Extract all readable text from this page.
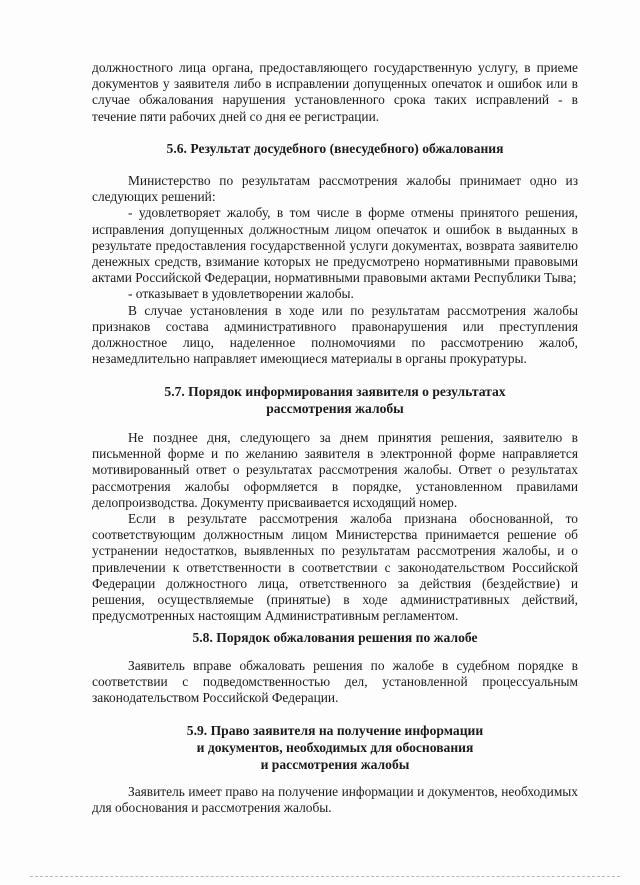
должностного лица органа, предоставляющего государственную услугу, в приеме документов у заявителя либо в исправлении допущенных опечаток и ошибок или в случае обжалования нарушения установленного срока таких исправлений - в течение пяти рабочих дней со дня ее регистрации.

5.6. Результат досудебного (внесудебного) обжалования

Министерство по результатам рассмотрения жалобы принимает одно из следующих решений:

- удовлетворяет жалобу, в том числе в форме отмены принятого решения, исправления допущенных должностным лицом опечаток и ошибок в выданных в результате предоставления государственной услуги документах, возврата заявителю денежных средств, взимание которых не предусмотрено нормативными правовыми актами Российской Федерации, нормативными правовыми актами Республики Тыва;

- отказывает в удовлетворении жалобы.

В случае установления в ходе или по результатам рассмотрения жалобы признаков состава административного правонарушения или преступления должностное лицо, наделенное полномочиями по рассмотрению жалоб, незамедлительно направляет имеющиеся материалы в органы прокуратуры.

5.7. Порядок информирования заявителя о результатах
рассмотрения жалобы

Не позднее дня, следующего за днем принятия решения, заявителю в письменной форме и по желанию заявителя в электронной форме направляется мотивированный ответ о результатах рассмотрения жалобы. Ответ о результатах рассмотрения жалобы оформляется в порядке, установленном правилами делопроизводства. Документу присваивается исходящий номер.

Если в результате рассмотрения жалоба признана обоснованной, то соответствующим должностным лицом Министерства принимается решение об устранении недостатков, выявленных по результатам рассмотрения жалобы, и о привлечении к ответственности в соответствии с законодательством Российской Федерации должностного лица, ответственного за действия (бездействие) и решения, осуществляемые (принятые) в ходе административных действий, предусмотренных настоящим Административным регламентом.

5.8. Порядок обжалования решения по жалобе

Заявитель вправе обжаловать решения по жалобе в судебном порядке в соответствии с подведомственностью дел, установленной процессуальным законодательством Российской Федерации.

5.9. Право заявителя на получение информации
и документов, необходимых для обоснования
и рассмотрения жалобы

Заявитель имеет право на получение информации и документов, необходимых для обоснования и рассмотрения жалобы.
